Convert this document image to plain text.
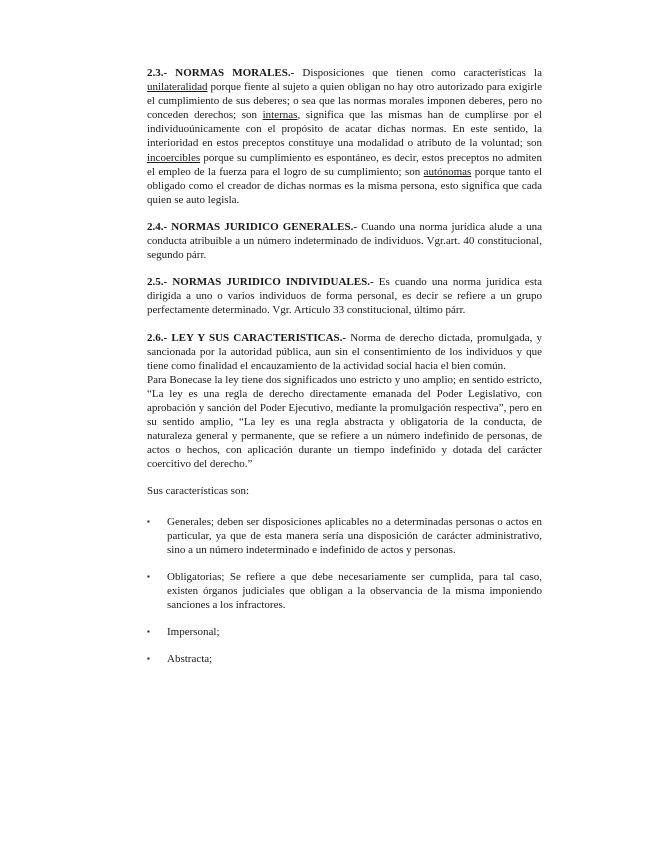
2.3.- NORMAS MORALES.- Disposiciones que tienen como características la unilateralidad porque fiente al sujeto a quien obligan no hay otro autorizado para exigirle el cumplimiento de sus deberes; o sea que las normas morales imponen deberes, pero no conceden derechos; son internas, significa que las mismas han de cumplirse por el individuoúnicamente con el propósito de acatar dichas normas. En este sentido, la interioridad en estos preceptos constituye una modalidad o atributo de la voluntad; son incoercibles porque su cumplimiento es espontáneo, es decir, estos preceptos no admiten el empleo de la fuerza para el logro de su cumplimiento; son autónomas porque tanto el obligado como el creador de dichas normas es la misma persona, esto significa que cada quien se auto legisla.

2.4.- NORMAS JURIDICO GENERALES.- Cuando una norma jurídica alude a una conducta atribuible a un número indeterminado de individuos. Vgr.art. 40 constitucional, segundo párr.

2.5.- NORMAS JURIDICO INDIVIDUALES.- Es cuando una norma jurídica esta dirigida a uno o varios individuos de forma personal, es decir se refiere a un grupo perfectamente determinado. Vgr. Artículo 33 constitucional, último párr.

2.6.- LEY Y SUS CARACTERISTICAS.- Norma de derecho dictada, promulgada, y sancionada por la autoridad pública, aun sin el consentimiento de los individuos y que tiene como finalidad el encauzamiento de la actividad social hacia el bien común.

Para Bonecase la ley tiene dos significados uno estricto y uno amplio; en sentido estricto, “La ley es una regla de derecho directamente emanada del Poder Legislativo, con aprobación y sanción del Poder Ejecutivo, mediante la promulgación respectiva”, pero en su sentido amplio, “La ley es una regla abstracta y obligatoria de la conducta, de naturaleza general y permanente, que se refiere a un número indefinido de personas, de actos o hechos, con aplicación durante un tiempo indefinido y dotada del carácter coercitivo del derecho.”

Sus características son:

▪ Generales; deben ser disposiciones aplicables no a determinadas personas o actos en particular, ya que de esta manera sería una disposición de carácter administrativo, sino a un número indeterminado e indefinido de actos y personas.
▪ Obligatorias; Se refiere a que debe necesariamente ser cumplida, para tal caso, existen órganos judiciales que obligan a la observancia de la misma imponiendo sanciones a los infractores.
▪ Impersonal;
▪ Abstracta;
